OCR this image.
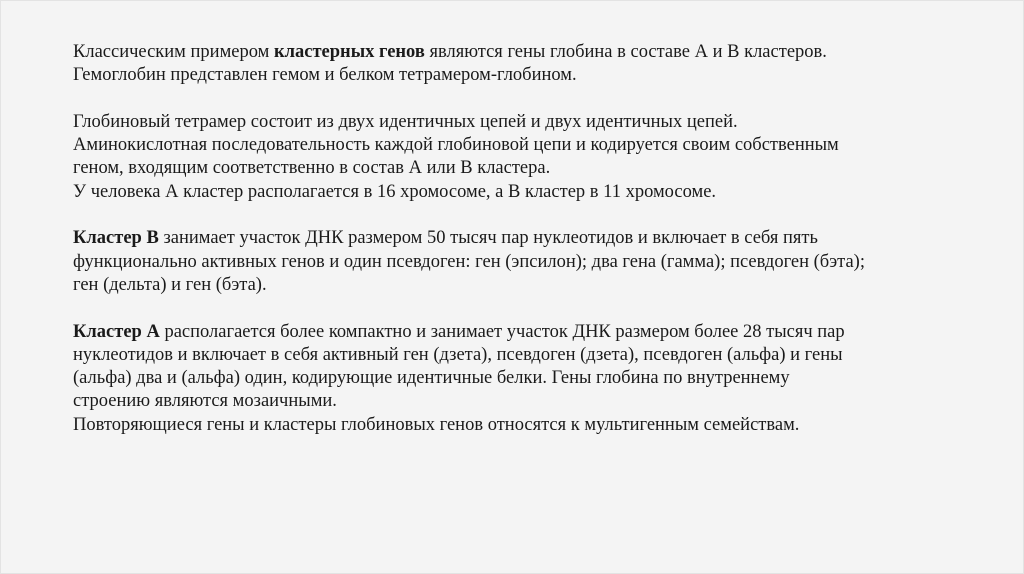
Классическим примером кластерных генов являются гены глобина в составе А и В кластеров.
Гемоглобин представлен гемом и белком тетрамером-глобином.

Глобиновый тетрамер состоит из двух идентичных цепей и двух идентичных цепей.
Аминокислотная последовательность каждой глобиновой цепи и кодируется своим собственным
геном, входящим соответственно в состав А или В кластера.
У человека А кластер располагается в 16 хромосоме, а В кластер в 11 хромосоме.

Кластер В занимает участок ДНК размером 50 тысяч пар нуклеотидов и включает в себя пять
функционально активных генов и один псевдоген: ген (эпсилон); два гена (гамма); псевдоген (бэта);
ген (дельта) и ген (бэта).

Кластер А располагается более компактно и занимает участок ДНК размером более 28 тысяч пар
нуклеотидов и включает в себя активный ген (дзета), псевдоген (дзета), псевдоген (альфа) и гены
(альфа) два и (альфа) один, кодирующие идентичные белки. Гены глобина по внутреннему
строению являются мозаичными.
Повторяющиеся гены и кластеры глобиновых генов относятся к мультигенным семействам.
